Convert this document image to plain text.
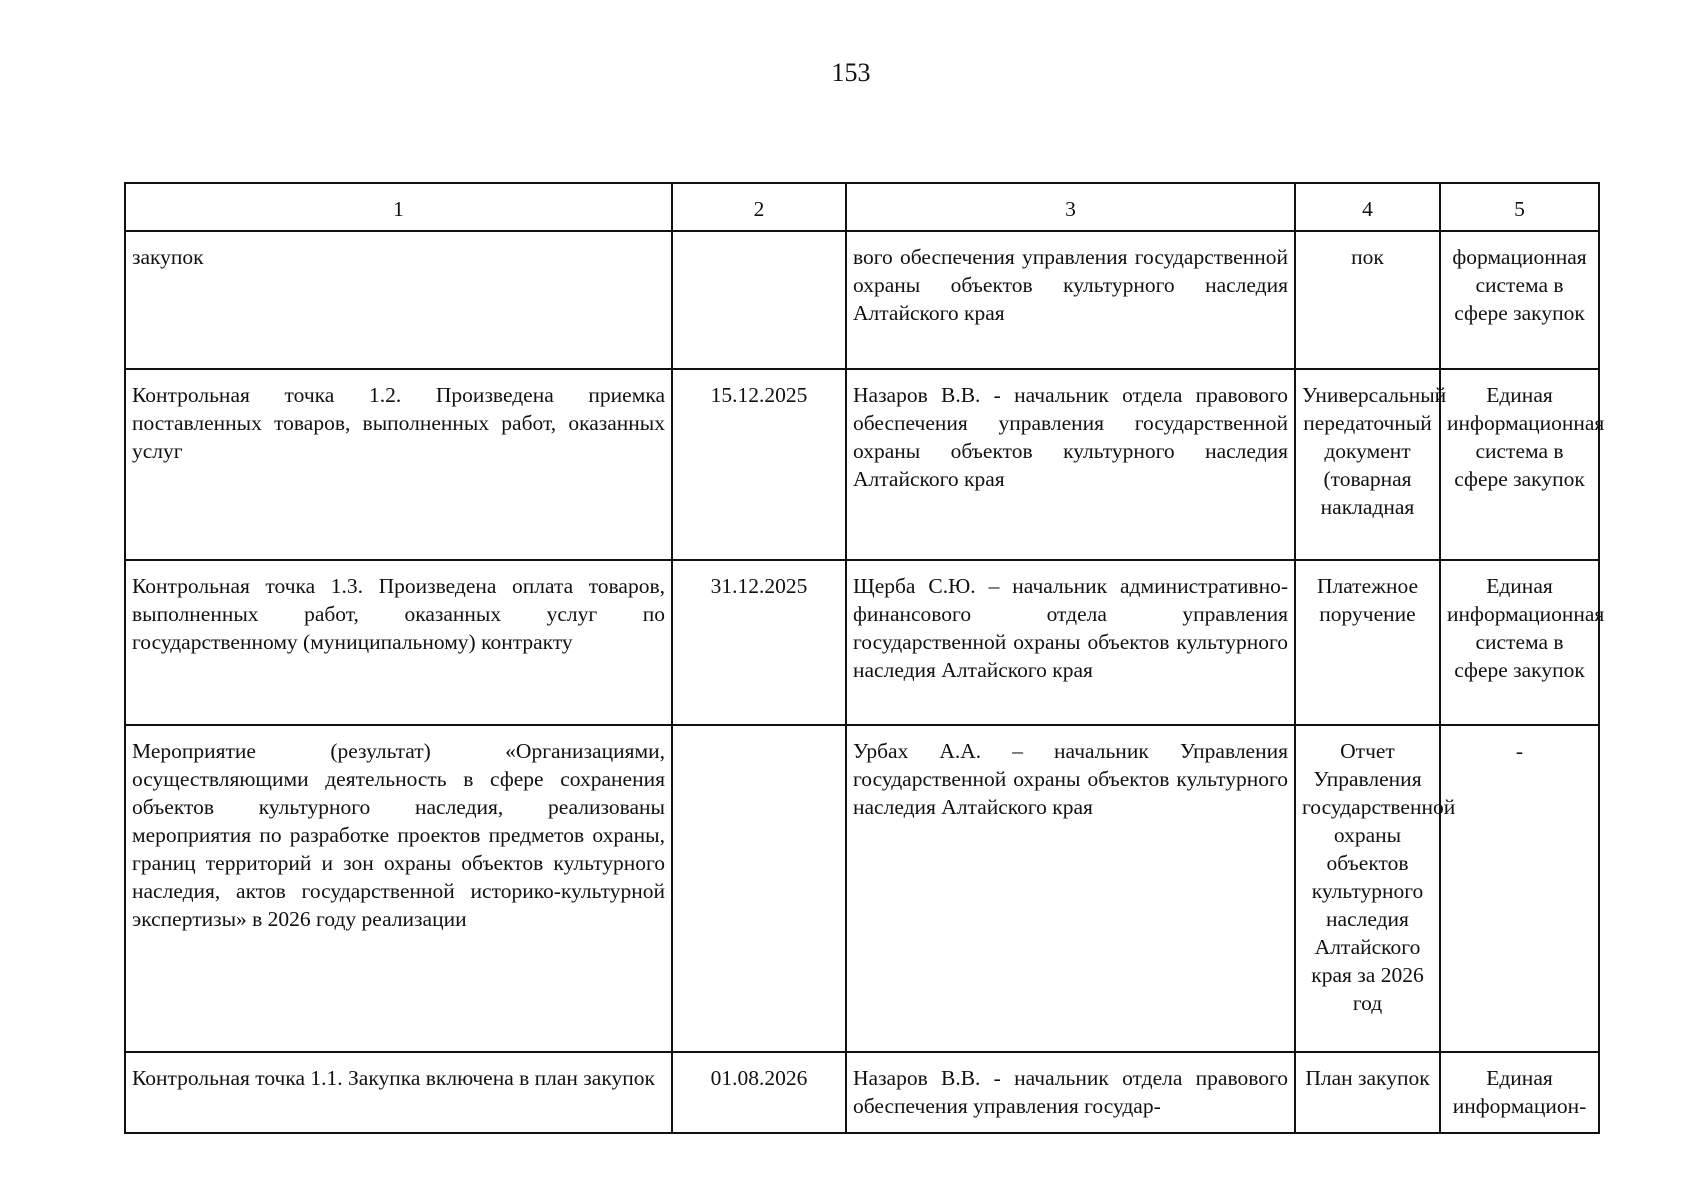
153
1	2	3	4	5

закупок		вого обеспечения управления государственной охраны объектов культурного наследия Алтайского края	пок	формационная система в сфере закупок

Контрольная точка 1.2. Произведена приемка поставленных товаров, выполненных работ, оказанных услуг	15.12.2025	Назаров В.В. - начальник отдела правового обеспечения управления государственной охраны объектов культурного наследия Алтайского края	Универсальный передаточный документ (товарная накладная	Единая информационная система в сфере закупок

Контрольная точка 1.3. Произведена оплата товаров, выполненных работ, оказанных услуг по государственному (муниципальному) контракту	31.12.2025	Щерба С.Ю. – начальник административно-финансового отдела управления государственной охраны объектов культурного наследия Алтайского края	Платежное поручение	Единая информационная система в сфере закупок

Мероприятие (результат) «Организациями, осуществляющими деятельность в сфере сохранения объектов культурного наследия, реализованы мероприятия по разработке проектов предметов охраны, границ территорий и зон охраны объектов культурного наследия, актов государственной историко-культурной экспертизы» в 2026 году реализации		Урбах А.А. – начальник Управления государственной охраны объектов культурного наследия Алтайского края	Отчет Управления государственной охраны объектов культурного наследия Алтайского края за 2026 год	-

Контрольная точка 1.1. Закупка включена в план закупок	01.08.2026	Назаров В.В. - начальник отдела правового обеспечения управления государ-	План закупок	Единая информацион-
